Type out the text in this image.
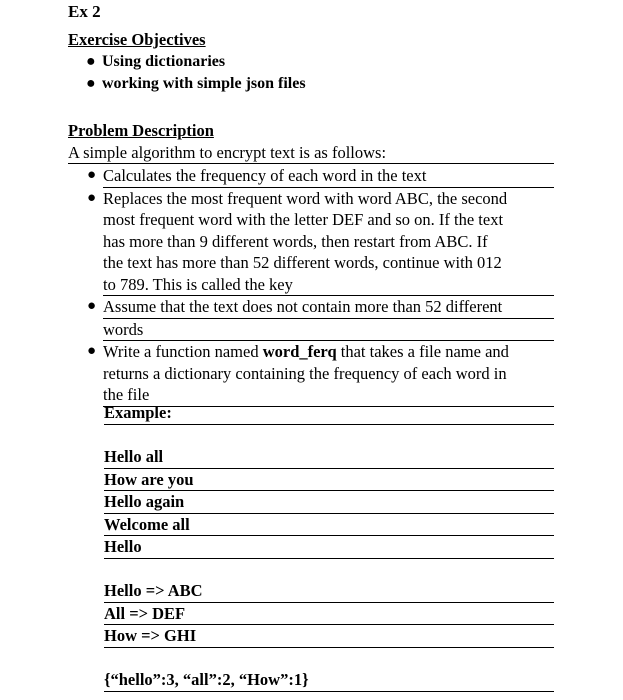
Ex 2
Exercise Objectives
● Using dictionaries
● working with simple json files
Problem Description
A simple algorithm to encrypt text is as follows:
● Calculates the frequency of each word in the text
● Replaces the most frequent word with word ABC, the second
most frequent word with the letter DEF and so on. If the text
has more than 9 different words, then restart from ABC. If
the text has more than 52 different words, continue with 012
to 789. This is called the key
● Assume that the text does not contain more than 52 different
words
● Write a function named word_ferq that takes a file name and
returns a dictionary containing the frequency of each word in
the file
Example:
Hello all
How are you
Hello again
Welcome all
Hello
Hello => ABC
All => DEF
How => GHI
{“hello”:3, “all”:2, “How”:1}
